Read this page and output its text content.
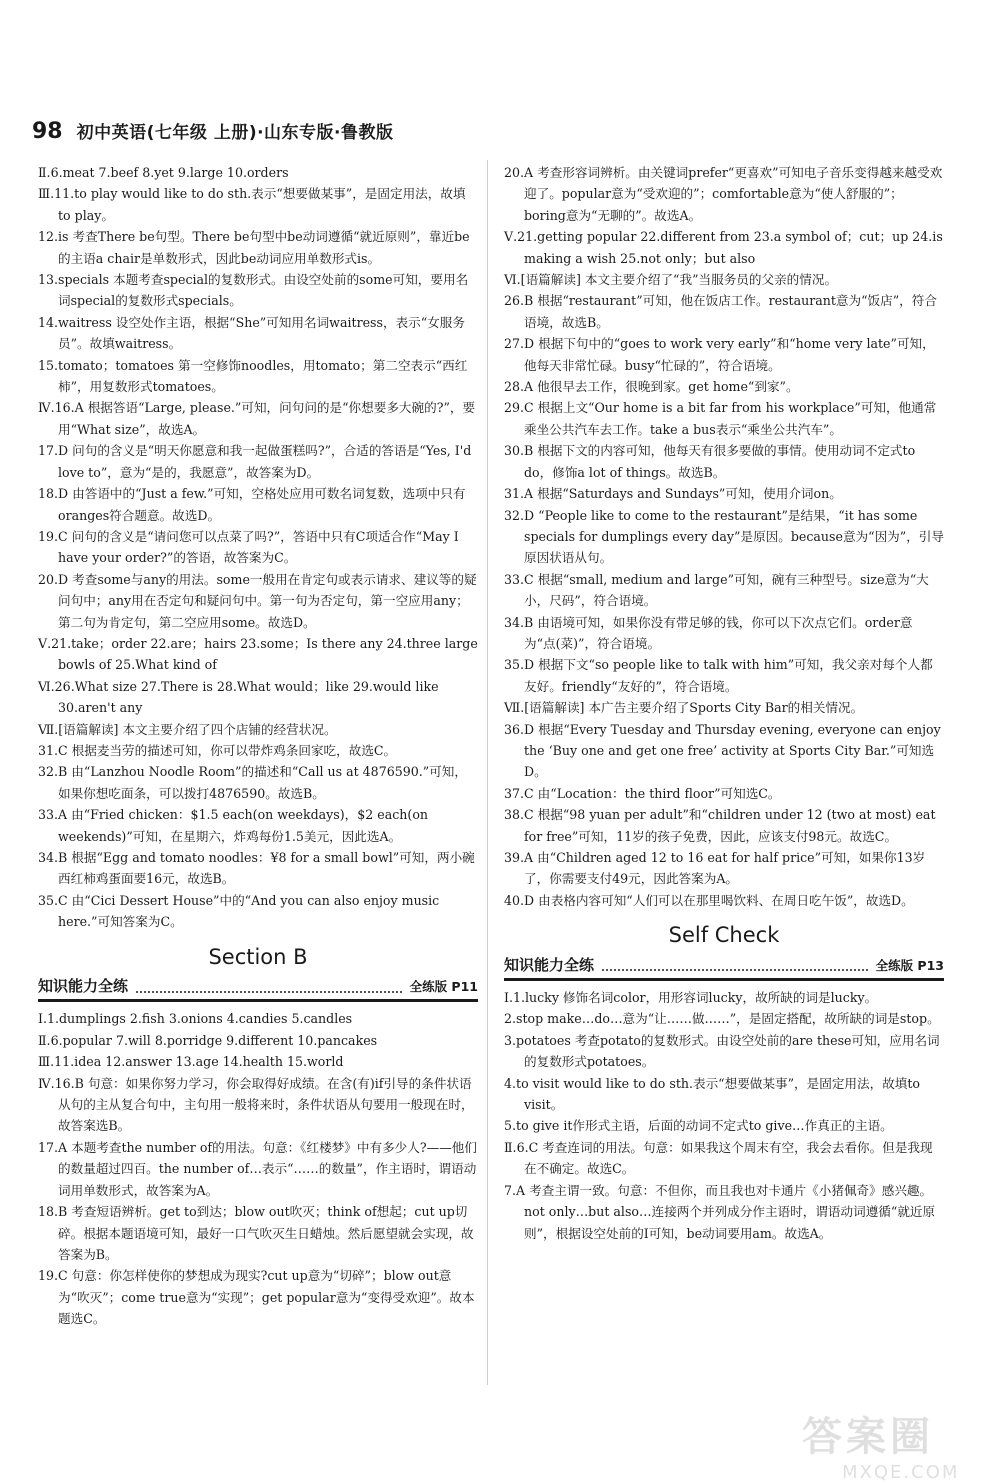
98 初中英语(七年级 上册)·山东专版·鲁教版

Ⅱ.6.meat 7.beef 8.yet 9.large 10.orders

Ⅲ.11.to play would like to do sth.表示“想要做某事”，是固定用法，故填to play。

12.is 考查There be句型。There be句型中be动词遵循“就近原则”，靠近be的主语a chair是单数形式，因此be动词应用单数形式is。

13.specials 本题考查special的复数形式。由设空处前的some可知，要用名词special的复数形式specials。

14.waitress 设空处作主语，根据“She”可知用名词waitress，表示“女服务员”。故填waitress。

15.tomato；tomatoes 第一空修饰noodles，用tomato；第二空表示“西红柿”，用复数形式tomatoes。

Ⅳ.16.A 根据答语“Large, please.”可知，问句问的是“你想要多大碗的?”，要用“What size”，故选A。

17.D 问句的含义是“明天你愿意和我一起做蛋糕吗?”，合适的答语是“Yes, I'd love to”，意为“是的，我愿意”，故答案为D。

18.D 由答语中的“Just a few.”可知，空格处应用可数名词复数，选项中只有oranges符合题意。故选D。

19.C 问句的含义是“请问您可以点菜了吗?”，答语中只有C项适合作“May I have your order?”的答语，故答案为C。

20.D 考查some与any的用法。some一般用在肯定句或表示请求、建议等的疑问句中；any用在否定句和疑问句中。第一句为否定句，第一空应用any；第二句为肯定句，第二空应用some。故选D。

Ⅴ.21.take；order 22.are；hairs 23.some；Is there any 24.three large bowls of 25.What kind of

Ⅵ.26.What size 27.There is 28.What would；like 29.would like 30.aren't any

Ⅶ.[语篇解读] 本文主要介绍了四个店铺的经营状况。

31.C 根据麦当劳的描述可知，你可以带炸鸡条回家吃，故选C。

32.B 由“Lanzhou Noodle Room”的描述和“Call us at 4876590.”可知，如果你想吃面条，可以拨打4876590。故选B。

33.A 由“Fried chicken：$1.5 each(on weekdays)，$2 each(on weekends)”可知，在星期六，炸鸡每份1.5美元，因此选A。

34.B 根据“Egg and tomato noodles：¥8 for a small bowl”可知，两小碗西红柿鸡蛋面要16元，故选B。

35.C 由“Cici Dessert House”中的“And you can also enjoy music here.”可知答案为C。

Section B
知识能力全练	全练版 P11

Ⅰ.1.dumplings 2.fish 3.onions 4.candies 5.candles

Ⅱ.6.popular 7.will 8.porridge 9.different 10.pancakes

Ⅲ.11.idea 12.answer 13.age 14.health 15.world

Ⅳ.16.B 句意：如果你努力学习，你会取得好成绩。在含(有)if引导的条件状语从句的主从复合句中，主句用一般将来时，条件状语从句要用一般现在时，故答案选B。

17.A 本题考查the number of的用法。句意：《红楼梦》中有多少人?——他们的数量超过四百。the number of…表示“……的数量”，作主语时，谓语动词用单数形式，故答案为A。

18.B 考查短语辨析。get to到达；blow out吹灭；think of想起；cut up切碎。根据本题语境可知，最好一口气吹灭生日蜡烛。然后愿望就会实现，故答案为B。

19.C 句意：你怎样使你的梦想成为现实?cut up意为“切碎”；blow out意为“吹灭”；come true意为“实现”；get popular意为“变得受欢迎”。故本题选C。

20.A 考查形容词辨析。由关键词prefer“更喜欢”可知电子音乐变得越来越受欢迎了。popular意为“受欢迎的”；comfortable意为“使人舒服的”；boring意为“无聊的”。故选A。

Ⅴ.21.getting popular 22.different from 23.a symbol of；cut；up 24.is making a wish 25.not only；but also

Ⅵ.[语篇解读] 本文主要介绍了“我”当服务员的父亲的情况。

26.B 根据“restaurant”可知，他在饭店工作。restaurant意为“饭店”，符合语境，故选B。

27.D 根据下句中的“goes to work very early”和“home very late”可知，他每天非常忙碌。busy“忙碌的”，符合语境。

28.A 他很早去工作，很晚到家。get home“到家”。

29.C 根据上文“Our home is a bit far from his workplace”可知，他通常乘坐公共汽车去工作。take a bus表示“乘坐公共汽车”。

30.B 根据下文的内容可知，他每天有很多要做的事情。使用动词不定式to do，修饰a lot of things。故选B。

31.A 根据“Saturdays and Sundays”可知，使用介词on。

32.D “People like to come to the restaurant”是结果，“it has some specials for dumplings every day”是原因。because意为“因为”，引导原因状语从句。

33.C 根据“small, medium and large”可知，碗有三种型号。size意为“大小，尺码”，符合语境。

34.B 由语境可知，如果你没有带足够的钱，你可以下次点它们。order意为“点(菜)”，符合语境。

35.D 根据下文“so people like to talk with him”可知，我父亲对每个人都友好。friendly“友好的”，符合语境。

Ⅶ.[语篇解读] 本广告主要介绍了Sports City Bar的相关情况。

36.D 根据“Every Tuesday and Thursday evening, everyone can enjoy the ‘Buy one and get one free’ activity at Sports City Bar.”可知选D。

37.C 由“Location：the third floor”可知选C。

38.C 根据“98 yuan per adult”和“children under 12 (two at most) eat for free”可知，11岁的孩子免费，因此，应该支付98元。故选C。

39.A 由“Children aged 12 to 16 eat for half price”可知，如果你13岁了，你需要支付49元，因此答案为A。

40.D 由表格内容可知“人们可以在那里喝饮料、在周日吃午饭”，故选D。

Self Check
知识能力全练	全练版 P13

Ⅰ.1.lucky 修饰名词color，用形容词lucky，故所缺的词是lucky。

2.stop make…do…意为“让……做……”，是固定搭配，故所缺的词是stop。

3.potatoes 考查potato的复数形式。由设空处前的are these可知，应用名词的复数形式potatoes。

4.to visit would like to do sth.表示“想要做某事”，是固定用法，故填to visit。

5.to give it作形式主语，后面的动词不定式to give…作真正的主语。

Ⅱ.6.C 考查连词的用法。句意：如果我这个周末有空，我会去看你。但是我现在不确定。故选C。

7.A 考查主谓一致。句意：不但你，而且我也对卡通片《小猪佩奇》感兴趣。not only…but also…连接两个并列成分作主语时，谓语动词遵循“就近原则”，根据设空处前的I可知，be动词要用am。故选A。

答案圈
MXQE.COM
